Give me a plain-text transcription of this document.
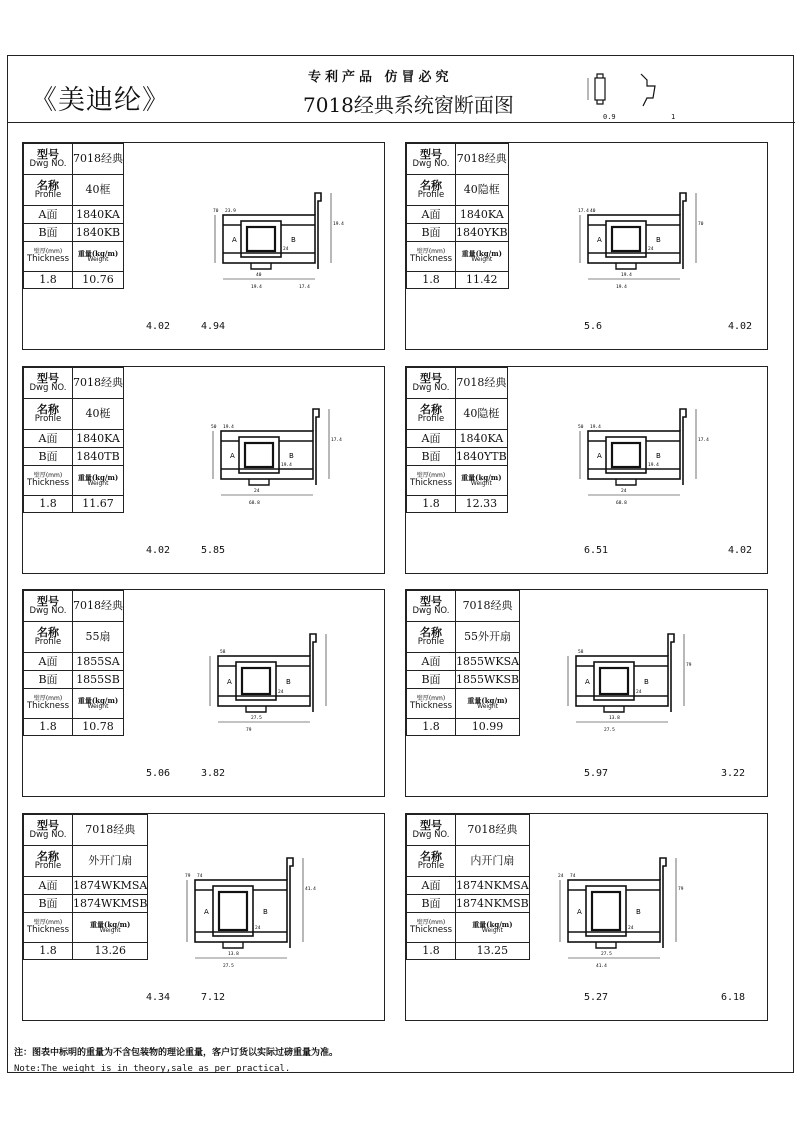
《美迪纶》
专利产品 仿冒必究
7018经典系统窗断面图	0.9	1
型号
Dwg NO.	7018经典

名称
Profile	40框
A面	1840KA
B面	1840KB

壁厚(mm)
Thickness	重量(kg/m)
Weight

1.8	10.76
A	B
23.9
40
24
19.4
19.4
70
17.4
4.02	4.94
型号
Dwg NO.	7018经典

名称
Profile	40隐框
A面	1840KA
B面	1840YKB

壁厚(mm)
Thickness	重量(kg/m)
Weight

1.8	11.42
A	B
40
19.4
24
19.4
70
17.4
4.02
5.6
型号
Dwg NO.	7018经典

名称
Profile	40梃
A面	1840KA
B面	1840TB

壁厚(mm)
Thickness	重量(kg/m)
Weight

1.8	11.67
A	B
19.4
24
19.4
68.8
17.4
50
4.02	5.85
型号
Dwg NO.	7018经典

名称
Profile	40隐梃
A面	1840KA
B面	1840YTB

壁厚(mm)
Thickness	重量(kg/m)
Weight

1.8	12.33
A	B
19.4
24
19.4
68.8
17.4
50
4.02
6.51
型号
Dwg NO.	7018经典

名称
Profile	55扇
A面	1855SA
B面	1855SB

壁厚(mm)
Thickness	重量(kg/m)
Weight

1.8	10.78
A	B
58
27.5
24
79
5.06	3.82
型号
Dwg NO.	7018经典

名称
Profile	55外开扇
A面	1855WKSA
B面	1855WKSB

壁厚(mm)
Thickness	重量(kg/m)
Weight

1.8	10.99
A	B
58
13.8
24
27.5
79
3.22
5.97
型号
Dwg NO.	7018经典

名称
Profile	外开门扇
A面	1874WKMSA
B面	1874WKMSB

壁厚(mm)
Thickness	重量(kg/m)
Weight

1.8	13.26
A	B
74
13.8
24
27.5
41.4
79
4.34	7.12
型号
Dwg NO.	7018经典

名称
Profile	内开门扇
A面	1874NKMSA
B面	1874NKMSB

壁厚(mm)
Thickness	重量(kg/m)
Weight

1.8	13.25
A	B
74
27.5
24
41.4
79
24
6.18
5.27
注：图表中标明的重量为不含包装物的理论重量，客户订货以实际过磅重量为准。
Note:The weight is in theory,sale as per practical.
